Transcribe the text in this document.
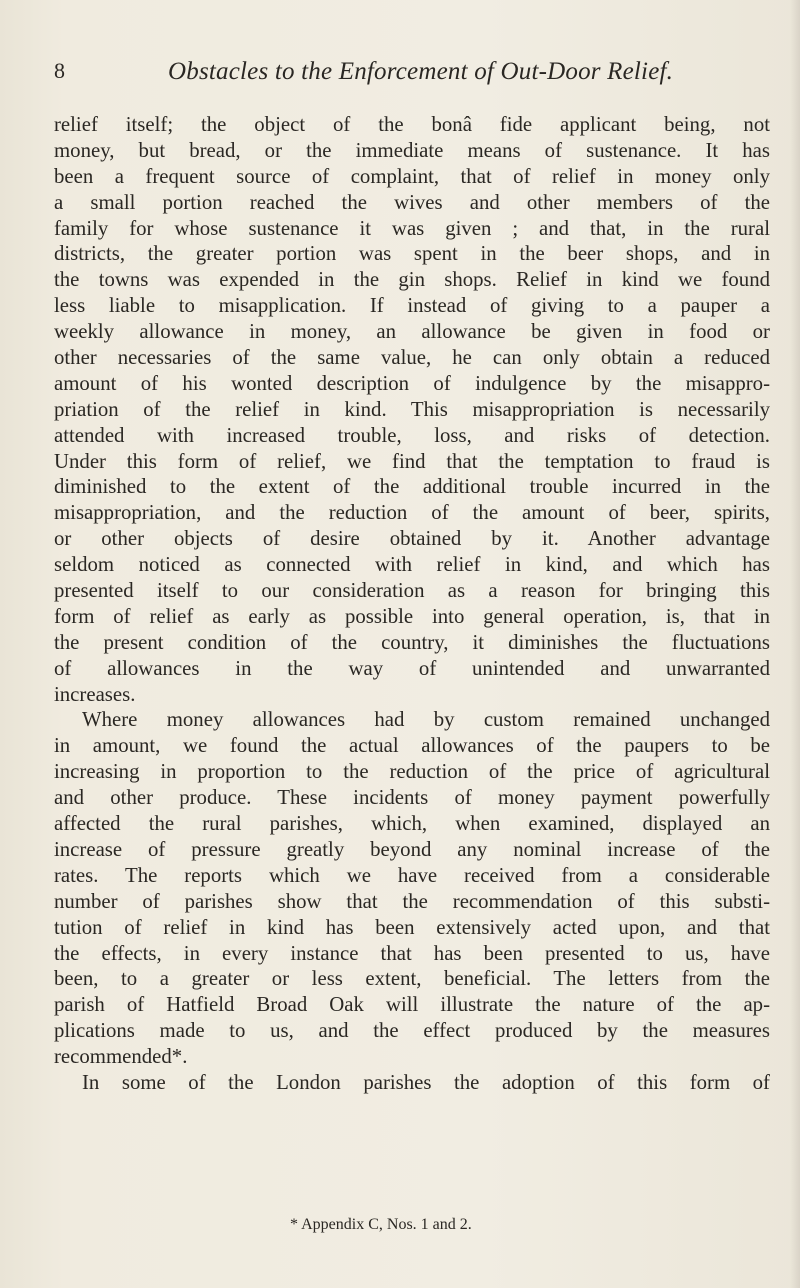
8	Obstacles to the Enforcement of Out-Door Relief.
relief itself; the object of the bonâ fide applicant being, not
money, but bread, or the immediate means of sustenance. It has
been a frequent source of complaint, that of relief in money only
a small portion reached the wives and other members of the
family for whose sustenance it was given ; and that, in the rural
districts, the greater portion was spent in the beer shops, and in
the towns was expended in the gin shops. Relief in kind we found
less liable to misapplication. If instead of giving to a pauper a
weekly allowance in money, an allowance be given in food or
other necessaries of the same value, he can only obtain a reduced
amount of his wonted description of indulgence by the misappro-
priation of the relief in kind. This misappropriation is necessarily
attended with increased trouble, loss, and risks of detection.
Under this form of relief, we find that the temptation to fraud is
diminished to the extent of the additional trouble incurred in the
misappropriation, and the reduction of the amount of beer, spirits,
or other objects of desire obtained by it. Another advantage
seldom noticed as connected with relief in kind, and which has
presented itself to our consideration as a reason for bringing this
form of relief as early as possible into general operation, is, that in
the present condition of the country, it diminishes the fluctuations
of allowances in the way of unintended and unwarranted
increases.
Where money allowances had by custom remained unchanged
in amount, we found the actual allowances of the paupers to be
increasing in proportion to the reduction of the price of agricultural
and other produce. These incidents of money payment powerfully
affected the rural parishes, which, when examined, displayed an
increase of pressure greatly beyond any nominal increase of the
rates. The reports which we have received from a considerable
number of parishes show that the recommendation of this substi-
tution of relief in kind has been extensively acted upon, and that
the effects, in every instance that has been presented to us, have
been, to a greater or less extent, beneficial. The letters from the
parish of Hatfield Broad Oak will illustrate the nature of the ap-
plications made to us, and the effect produced by the measures
recommended*.
In some of the London parishes the adoption of this form of
* Appendix C, Nos. 1 and 2.
